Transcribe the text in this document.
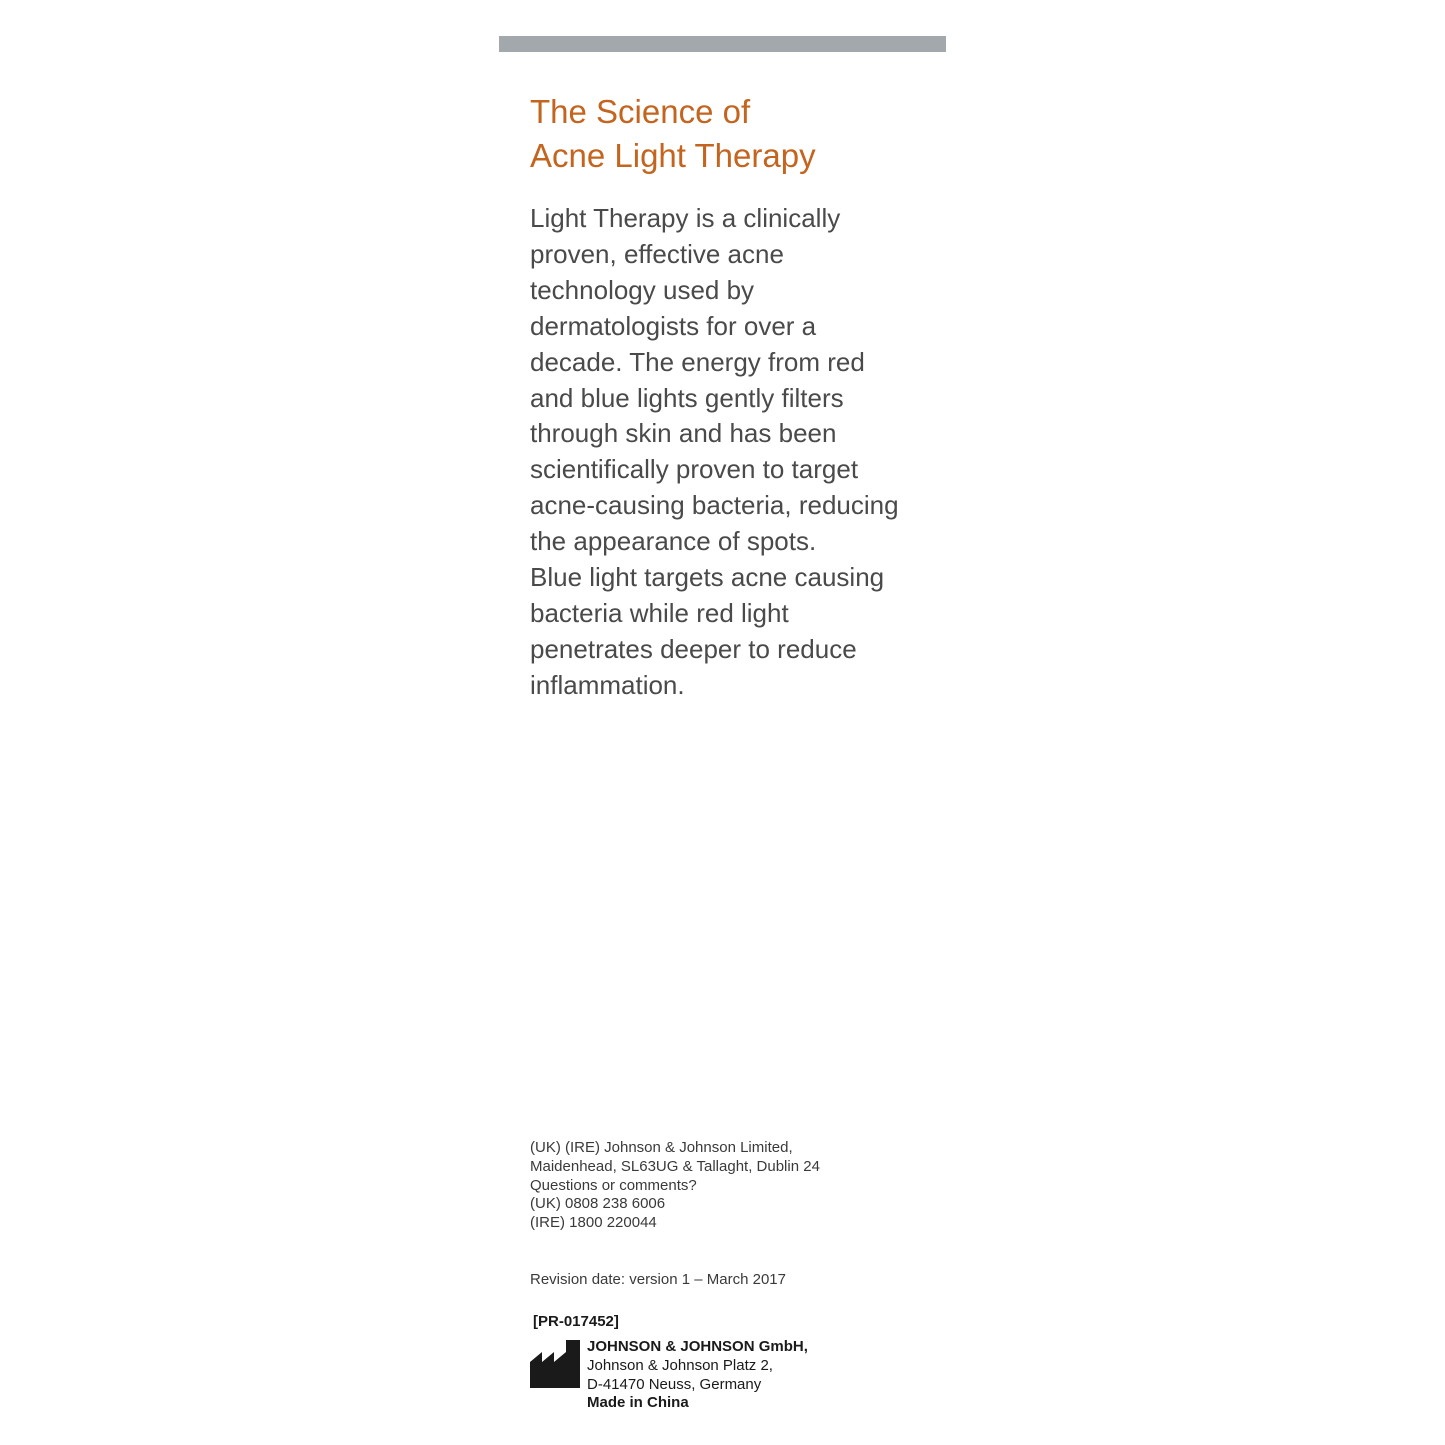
The Science of
Acne Light Therapy

Light Therapy is a clinically
proven, effective acne
technology used by
dermatologists for over a
decade. The energy from red
and blue lights gently filters
through skin and has been
scientifically proven to target
acne-causing bacteria, reducing
the appearance of spots.
Blue light targets acne causing
bacteria while red light
penetrates deeper to reduce
inflammation.

(UK) (IRE) Johnson & Johnson Limited,
Maidenhead, SL63UG & Tallaght, Dublin 24
Questions or comments?
(UK) 0808 238 6006
(IRE) 1800 220044
Revision date: version 1 – March 2017
[PR-017452]
JOHNSON & JOHNSON GmbH,
Johnson & Johnson Platz 2,
D-41470 Neuss, Germany
Made in China
